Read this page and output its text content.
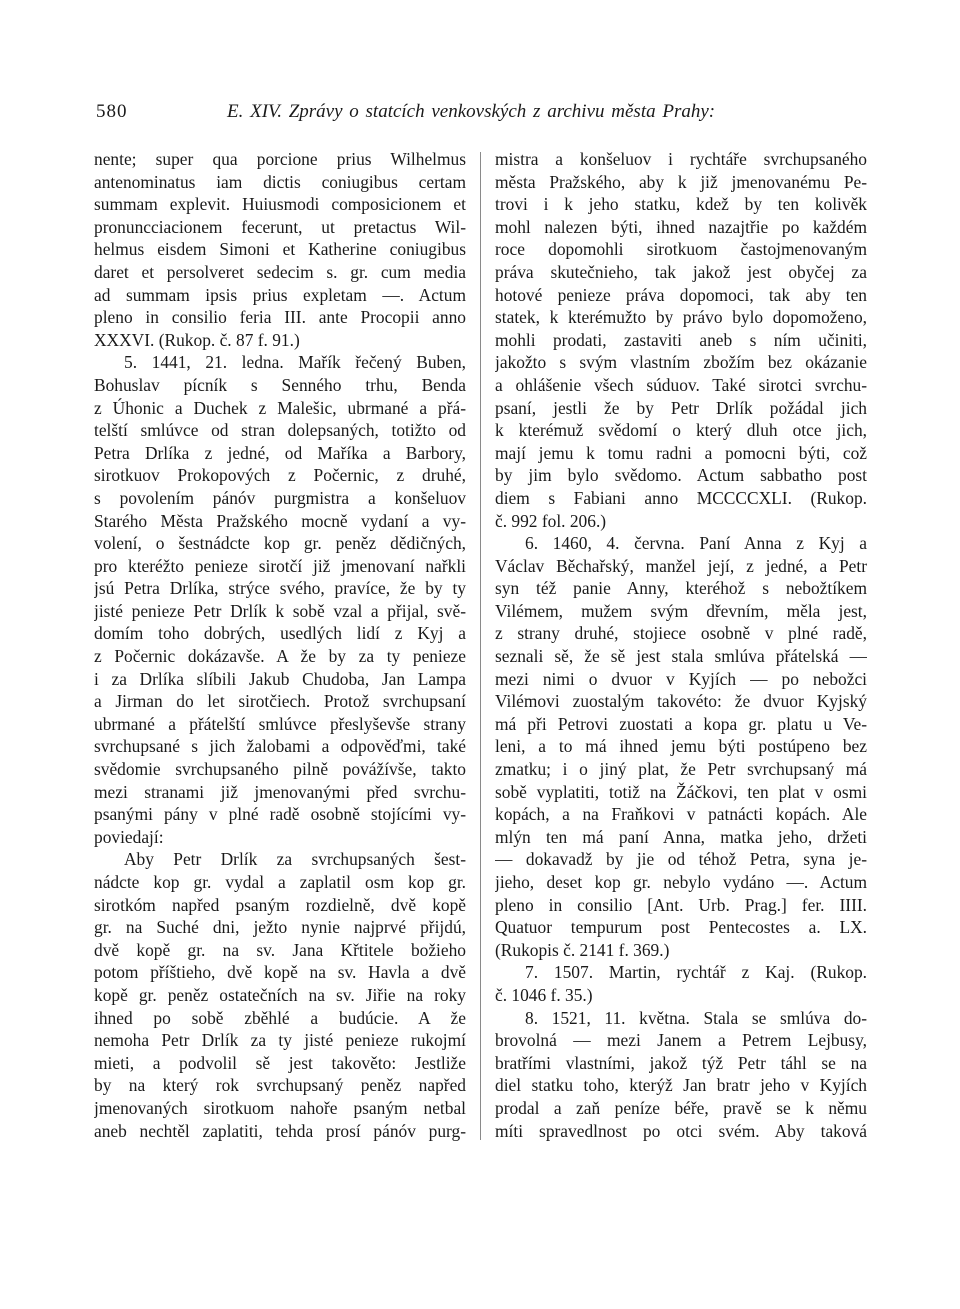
580	E. XIV. Zprávy o statcích venkovských z archivu města Prahy:
nente; super qua porcione prius Wilhelmus
antenominatus iam dictis coniugibus certam
summam explevit. Huiusmodi composicionem et
pronuncciacionem fecerunt, ut pretactus Wil-
helmus eisdem Simoni et Katherine coniugibus
daret et persolveret sedecim s. gr. cum media
ad summam ipsis prius expletam —. Actum
pleno in consilio feria III. ante Procopii anno
XXXVI. (Rukop. č. 87 f. 91.)
5. 1441, 21. ledna. Mařík řečený Buben,
Bohuslav pícník s Senného trhu, Benda
z Úhonic a Duchek z Malešic, ubrmané a přá-
telští smlúvce od stran dolepsaných, totižto od
Petra Drlíka z jedné, od Maříka a Barbory,
sirotkuov Prokopových z Počernic, z druhé,
s povolením pánóv purgmistra a konšeluov
Starého Města Pražského mocně vydaní a vy-
volení, o šestnádcte kop gr. peněz dědičných,
pro kteréžto penieze sirotčí již jmenovaní nařkli
jsú Petra Drlíka, strýce svého, pravíce, že by ty
jisté penieze Petr Drlík k sobě vzal a přijal, svě-
domím toho dobrých, usedlých lidí z Kyj a
z Počernic dokázavše. A že by za ty penieze
i za Drlíka slíbili Jakub Chudoba, Jan Lampa
a Jirman do let sirotčiech. Protož svrchupsaní
ubrmané a přátelští smlúvce přeslyševše strany
svrchupsané s jich žalobami a odpověďmi, také
svědomie svrchupsaného pilně povážívše, takto
mezi stranami již jmenovanými před svrchu-
psanými pány v plné radě osobně stojícími vy-
poviedají:
Aby Petr Drlík za svrchupsaných šest-
nádcte kop gr. vydal a zaplatil osm kop gr.
sirotkóm napřed psaným rozdielně, dvě kopě
gr. na Suché dni, ježto nynie najprvé přijdú,
dvě kopě gr. na sv. Jana Křtitele božieho
potom příštieho, dvě kopě na sv. Havla a dvě
kopě gr. peněz ostatečních na sv. Jiřie na roky
ihned po sobě zběhlé a budúcie. A že
nemoha Petr Drlík za ty jisté penieze rukojmí
mieti, a podvolil sě jest takověto: Jestliže
by na který rok svrchupsaný peněz napřed
jmenovaných sirotkuom nahoře psaným netbal
aneb nechtěl zaplatiti, tehda prosí pánóv purg-
mistra a konšeluov i rychtáře svrchupsaného
města Pražského, aby k již jmenovanému Pe-
trovi i k jeho statku, kdež by ten kolivěk
mohl nalezen býti, ihned nazajtřie po každém
roce dopomohli sirotkuom častojmenovaným
práva skutečnieho, tak jakož jest obyčej za
hotové penieze práva dopomoci, tak aby ten
statek, k kterémužto by právo bylo dopomoženo,
mohli prodati, zastaviti aneb s ním učiniti,
jakožto s svým vlastním zbožím bez okázanie
a ohlášenie všech súduov. Také sirotci svrchu-
psaní, jestli že by Petr Drlík požádal jich
k kterémuž svědomí o který dluh otce jich,
mají jemu k tomu radni a pomocni býti, což
by jim bylo svědomo. Actum sabbatho post
diem s Fabiani anno MCCCCXLI. (Rukop.
č. 992 fol. 206.)
6. 1460, 4. června. Paní Anna z Kyj a
Václav Běchařský, manžel její, z jedné, a Petr
syn též panie Anny, kteréhož s nebožtíkem
Vilémem, mužem svým dřevním, měla jest,
z strany druhé, stojiece osobně v plné radě,
seznali sě, že sě jest stala smlúva přátelská —
mezi nimi o dvuor v Kyjích — po nebožci
Vilémovi zuostalým takovéto: že dvuor Kyjský
má při Petrovi zuostati a kopa gr. platu u Ve-
leni, a to má ihned jemu býti postúpeno bez
zmatku; i o jiný plat, že Petr svrchupsaný má
sobě vyplatiti, totiž na Žáčkovi, ten plat v osmi
kopách, a na Fraňkovi v patnácti kopách. Ale
mlýn ten má paní Anna, matka jeho, držeti
— dokavadž by jie od téhož Petra, syna je-
jieho, deset kop gr. nebylo vydáno —. Actum
pleno in consilio [Ant. Urb. Prag.] fer. IIII.
Quatuor tempurum post Pentecostes a. LX.
(Rukopis č. 2141 f. 369.)
7. 1507. Martin, rychtář z Kaj. (Rukop.
č. 1046 f. 35.)
8. 1521, 11. května. Stala se smlúva do-
brovolná — mezi Janem a Petrem Lejbusy,
bratřími vlastními, jakož týž Petr táhl se na
diel statku toho, kterýž Jan bratr jeho v Kyjích
prodal a zaň peníze béře, pravě se k němu
míti spravedlnost po otci svém. Aby taková
